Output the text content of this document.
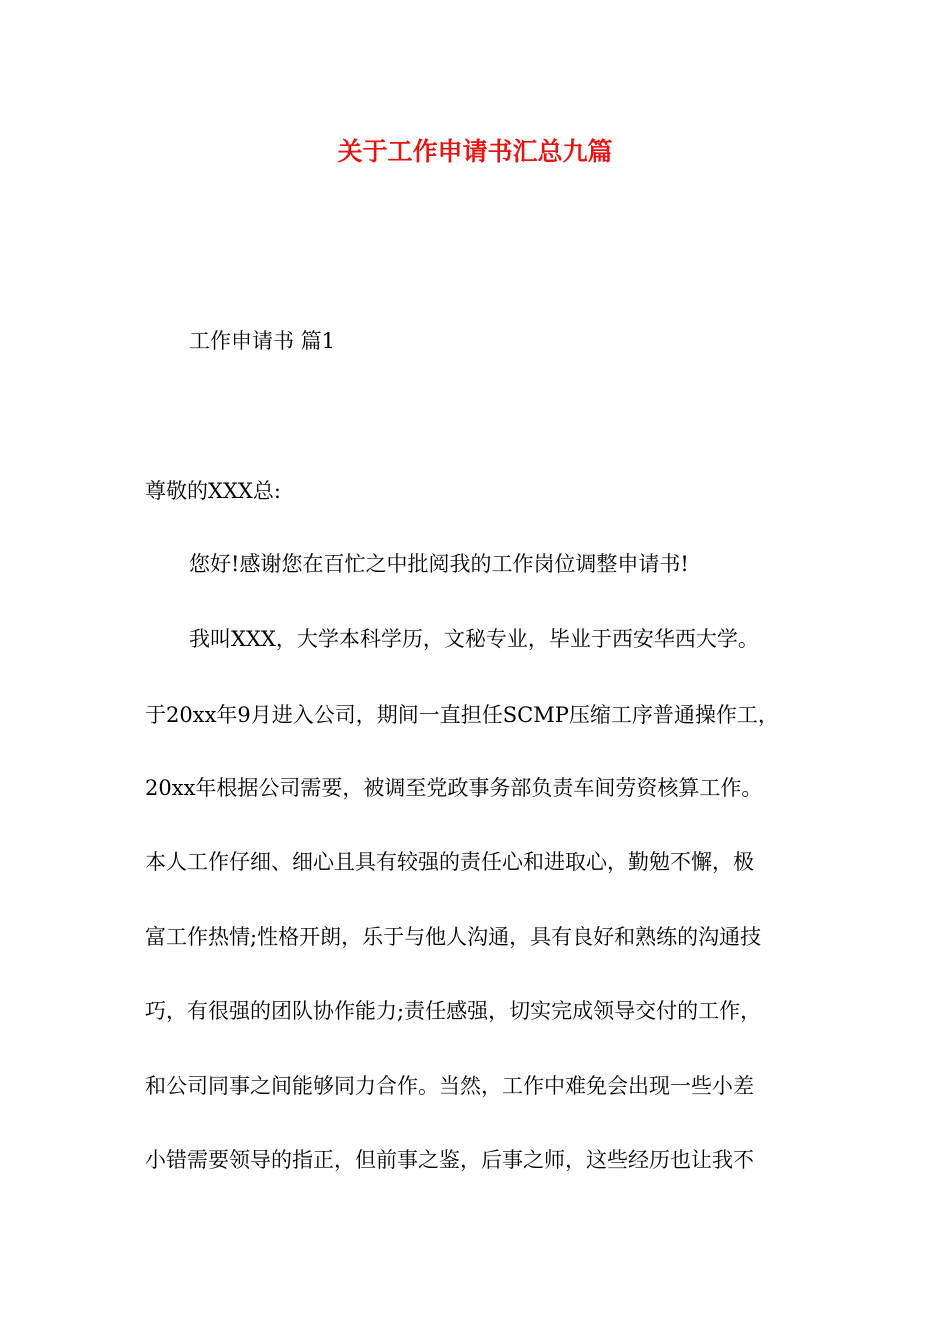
关于工作申请书汇总九篇

工作申请书 篇1

尊敬的XXX总:

您好!感谢您在百忙之中批阅我的工作岗位调整申请书!

我叫XXX，大学本科学历，文秘专业，毕业于西安华西大学。

于20xx年9月进入公司，期间一直担任SCMP压缩工序普通操作工，

20xx年根据公司需要，被调至党政事务部负责车间劳资核算工作。

本人工作仔细、细心且具有较强的责任心和进取心，勤勉不懈，极

富工作热情;性格开朗，乐于与他人沟通，具有良好和熟练的沟通技

巧，有很强的团队协作能力;责任感强，切实完成领导交付的工作，

和公司同事之间能够同力合作。当然，工作中难免会出现一些小差

小错需要领导的指正，但前事之鉴，后事之师，这些经历也让我不
